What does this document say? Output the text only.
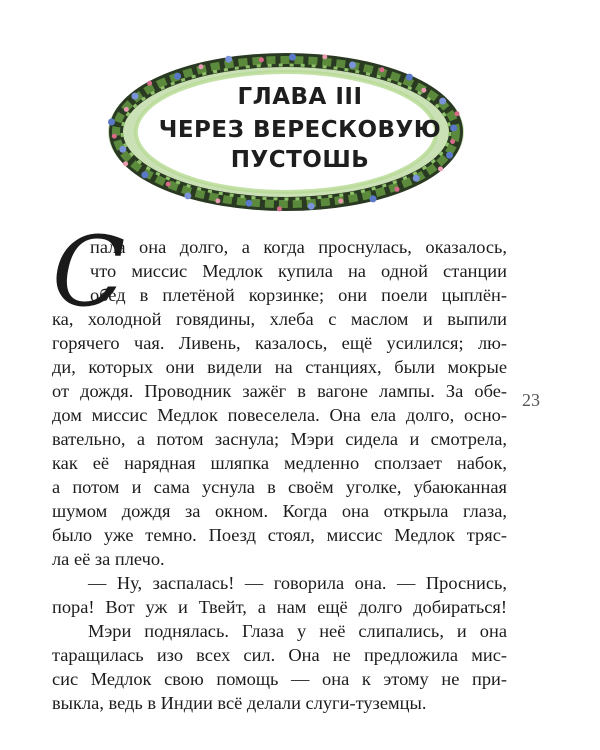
ГЛАВА III
ЧЕРЕЗ ВЕРЕСКОВУЮ
ПУСТОШЬ
С
пала она долго, а когда проснулась, оказалось,
что миссис Медлок купила на одной станции
обед в плетёной корзинке; они поели цыплён-
ка, холодной говядины, хлеба с маслом и выпили
горячего чая. Ливень, казалось, ещё усилился; лю-
ди, которых они видели на станциях, были мокрые
от дождя. Проводник зажёг в вагоне лампы. За обе-
дом миссис Медлок повеселела. Она ела долго, осно-
вательно, а потом заснула; Мэри сидела и смотрела,
как её нарядная шляпка медленно сползает набок,
а потом и сама уснула в своём уголке, убаюканная
шумом дождя за окном. Когда она открыла глаза,
было уже темно. Поезд стоял, миссис Медлок тряс-
ла её за плечо.
— Ну, заспалась! — говорила она. — Проснись,
пора! Вот уж и Твейт, а нам ещё долго добираться!
Мэри поднялась. Глаза у неё слипались, и она
таращилась изо всех сил. Она не предложила мис-
сис Медлок свою помощь — она к этому не при-
выкла, ведь в Индии всё делали слуги-туземцы.
23
